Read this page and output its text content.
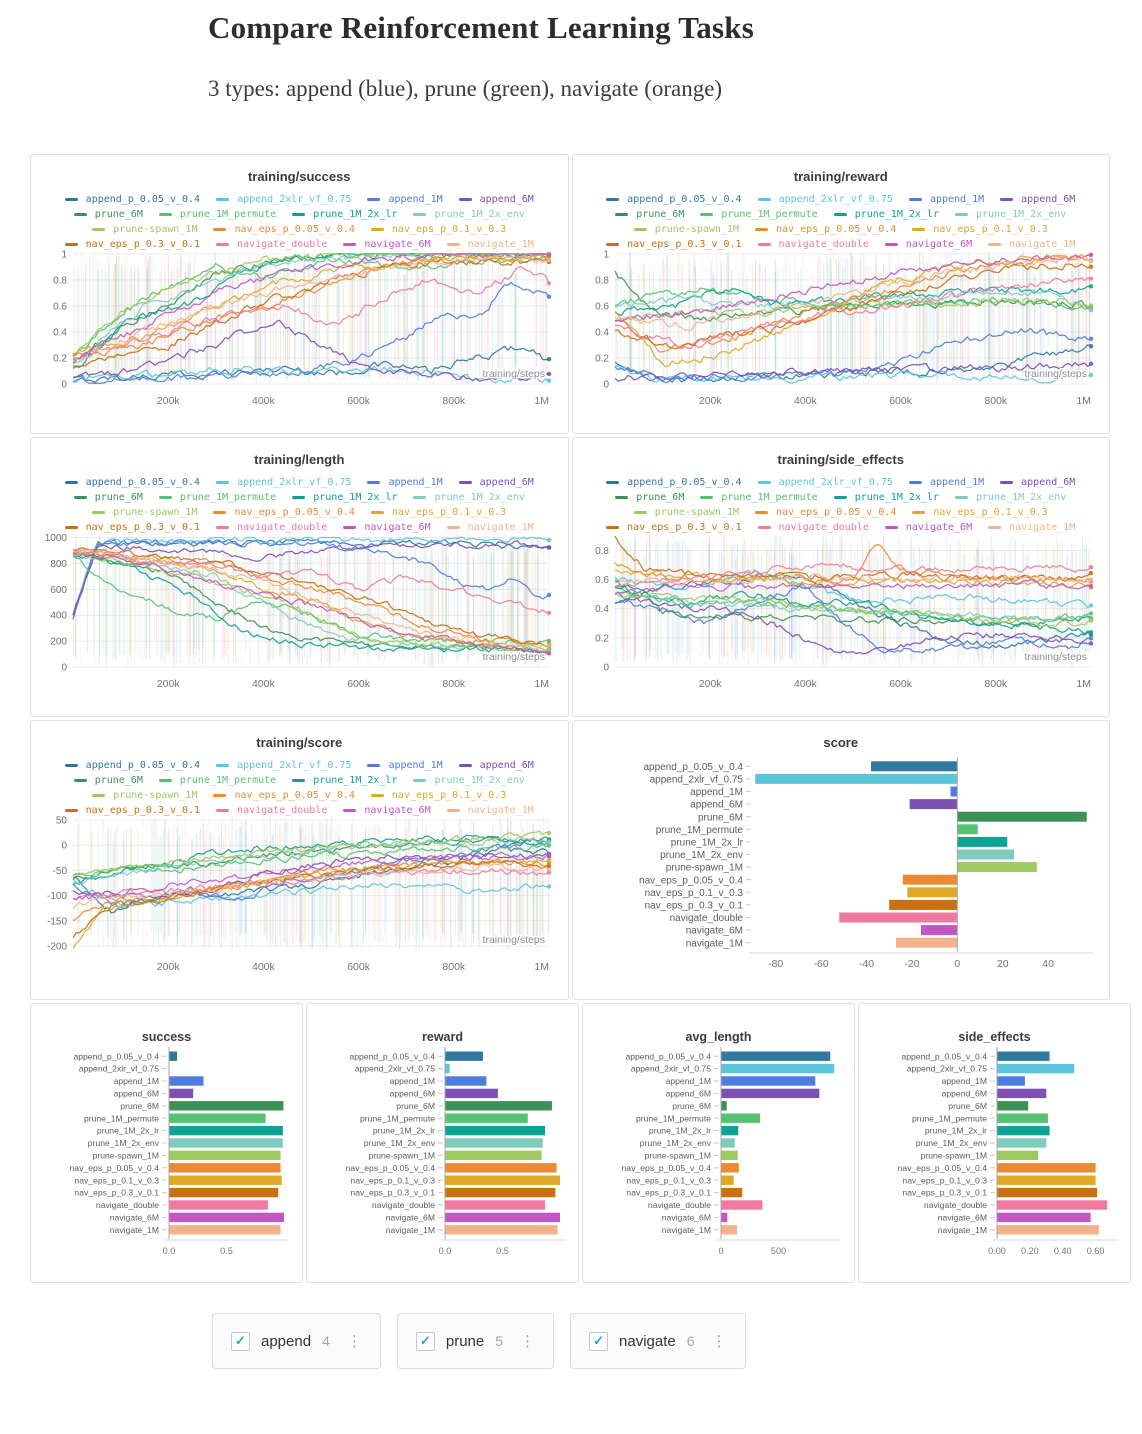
Compare Reinforcement Learning Tasks
3 types: append (blue), prune (green), navigate (orange)
training/success
append_p_0.05_v_0.4	append_2xlr_vf_0.75	append_1M	append_6M
prune_6M	prune_1M_permute	prune_1M_2x_lr	prune_1M_2x_env
prune-spawn_1M	nav_eps_p_0.05_v_0.4	nav_eps_p_0.1_v_0.3
nav_eps_p_0.3_v_0.1	navigate_double	navigate_6M	navigate_1M
0
0.2
0.4
0.6
0.8
1
training/steps
200k	400k	600k	800k	1M
training/reward
append_p_0.05_v_0.4	append_2xlr_vf_0.75	append_1M	append_6M
prune_6M	prune_1M_permute	prune_1M_2x_lr	prune_1M_2x_env
prune-spawn_1M	nav_eps_p_0.05_v_0.4	nav_eps_p_0.1_v_0.3
nav_eps_p_0.3_v_0.1	navigate_double	navigate_6M	navigate_1M
0
0.2
0.4
0.6
0.8
1
training/steps
200k	400k	600k	800k	1M
training/length
append_p_0.05_v_0.4	append_2xlr_vf_0.75	append_1M	append_6M
prune_6M	prune_1M_permute	prune_1M_2x_lr	prune_1M_2x_env
prune-spawn_1M	nav_eps_p_0.05_v_0.4	nav_eps_p_0.1_v_0.3
nav_eps_p_0.3_v_0.1	navigate_double	navigate_6M	navigate_1M
0
200
400
600
800
1000
training/steps
200k	400k	600k	800k	1M
training/side_effects
append_p_0.05_v_0.4	append_2xlr_vf_0.75	append_1M	append_6M
prune_6M	prune_1M_permute	prune_1M_2x_lr	prune_1M_2x_env
prune-spawn_1M	nav_eps_p_0.05_v_0.4	nav_eps_p_0.1_v_0.3
nav_eps_p_0.3_v_0.1	navigate_double	navigate_6M	navigate_1M
0
0.2
0.4
0.6
0.8
training/steps
200k	400k	600k	800k	1M
training/score
append_p_0.05_v_0.4	append_2xlr_vf_0.75	append_1M	append_6M
prune_6M	prune_1M_permute	prune_1M_2x_lr	prune_1M_2x_env
prune-spawn_1M	nav_eps_p_0.05_v_0.4	nav_eps_p_0.1_v_0.3
nav_eps_p_0.3_v_0.1	navigate_double	navigate_6M	navigate_1M
50
0
-50
-100
-150
-200
training/steps
200k	400k	600k	800k	1M
score
append_p_0.05_v_0.4
append_2xlr_vf_0.75
append_1M
append_6M
prune_6M
prune_1M_permute
prune_1M_2x_lr
prune_1M_2x_env
prune-spawn_1M
nav_eps_p_0.05_v_0.4
nav_eps_p_0.1_v_0.3
nav_eps_p_0.3_v_0.1
navigate_double
navigate_6M
navigate_1M
-80	-60	-40	-20	0	20	40
success
append_p_0.05_v_0.4
append_2xlr_vf_0.75
append_1M
append_6M
prune_6M
prune_1M_permute
prune_1M_2x_lr
prune_1M_2x_env
prune-spawn_1M
nav_eps_p_0.05_v_0.4
nav_eps_p_0.1_v_0.3
nav_eps_p_0.3_v_0.1
navigate_double
navigate_6M
navigate_1M
0.0	0.5
reward
append_p_0.05_v_0.4
append_2xlr_vf_0.75
append_1M
append_6M
prune_6M
prune_1M_permute
prune_1M_2x_lr
prune_1M_2x_env
prune-spawn_1M
nav_eps_p_0.05_v_0.4
nav_eps_p_0.1_v_0.3
nav_eps_p_0.3_v_0.1
navigate_double
navigate_6M
navigate_1M
0.0	0.5
avg_length
append_p_0.05_v_0.4
append_2xlr_vf_0.75
append_1M
append_6M
prune_6M
prune_1M_permute
prune_1M_2x_lr
prune_1M_2x_env
prune-spawn_1M
nav_eps_p_0.05_v_0.4
nav_eps_p_0.1_v_0.3
nav_eps_p_0.3_v_0.1
navigate_double
navigate_6M
navigate_1M
0	500
side_effects
append_p_0.05_v_0.4
append_2xlr_vf_0.75
append_1M
append_6M
prune_6M
prune_1M_permute
prune_1M_2x_lr
prune_1M_2x_env
prune-spawn_1M
nav_eps_p_0.05_v_0.4
nav_eps_p_0.1_v_0.3
nav_eps_p_0.3_v_0.1
navigate_double
navigate_6M
navigate_1M
0.00 0.20 0.40 0.60
✓ append 4 ⋮	✓ prune 5 ⋮	✓ navigate 6 ⋮
